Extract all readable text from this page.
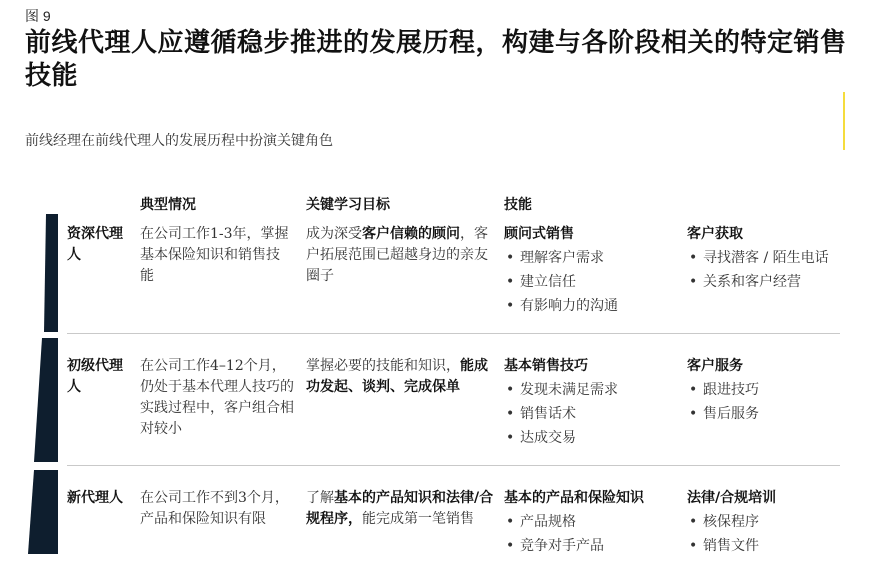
图 9
前线代理人应遵循稳步推进的发展历程，构建与各阶段相关的特定销售技能
前线经理在前线代理人的发展历程中扮演关键角色
典型情况	关键学习目标	技能
资深代理人
在公司工作1-3年，掌握基本保险知识和销售技能
成为深受客户信赖的顾问，客户拓展范围已超越身边的亲友圈子
顾问式销售
• 理解客户需求
• 建立信任
• 有影响力的沟通
客户获取
• 寻找潜客 / 陌生电话
• 关系和客户经营
初级代理人
在公司工作4–12个月，仍处于基本代理人技巧的实践过程中，客户组合相对较小
掌握必要的技能和知识，能成功发起、谈判、完成保单
基本销售技巧
• 发现未满足需求
• 销售话术
• 达成交易
客户服务
• 跟进技巧
• 售后服务
新代理人 在公司工作不到3个月，产品和保险知识有限
了解基本的产品知识和法律/合规程序，能完成第一笔销售
基本的产品和保险知识
• 产品规格
• 竞争对手产品
法律/合规培训
• 核保程序
• 销售文件
